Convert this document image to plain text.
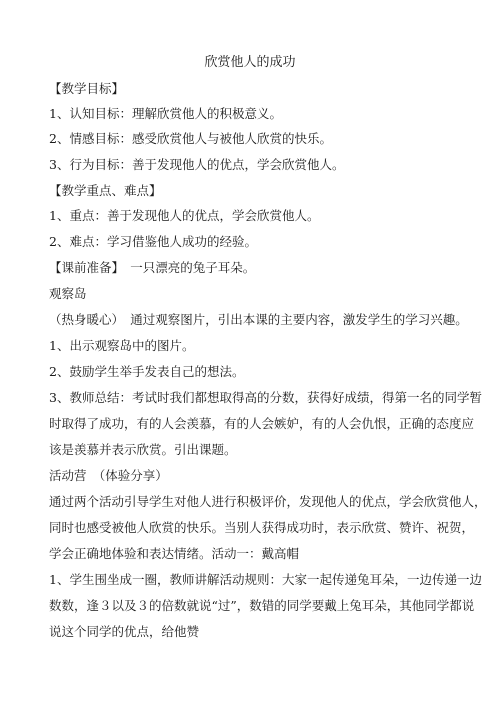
欣赏他人的成功
【教学目标】
1、认知目标：理解欣赏他人的积极意义。
2、情感目标：感受欣赏他人与被他人欣赏的快乐。
3、行为目标：善于发现他人的优点，学会欣赏他人。
【教学重点、难点】
1、重点：善于发现他人的优点，学会欣赏他人。
2、难点：学习借鉴他人成功的经验。
【课前准备】　一只漂亮的兔子耳朵。
观察岛
（热身暖心）　通过观察图片，引出本课的主要内容，激发学生的学习兴趣。
1、出示观察岛中的图片。
2、鼓励学生举手发表自己的想法。
3、教师总结：考试时我们都想取得高的分数，获得好成绩，得第一名的同学暂
时取得了成功，有的人会羡慕，有的人会嫉妒，有的人会仇恨，正确的态度应
该是羡慕并表示欣赏。引出课题。
活动营　（体验分享）
通过两个活动引导学生对他人进行积极评价，发现他人的优点，学会欣赏他人，
同时也感受被他人欣赏的快乐。当别人获得成功时，表示欣赏、赞许、祝贺，
学会正确地体验和表达情绪。活动一：戴高帽
1、学生围坐成一圈，教师讲解活动规则：大家一起传递兔耳朵，一边传递一边
数数，逢３以及３的倍数就说“过”，数错的同学要戴上兔耳朵，其他同学都说
说这个同学的优点，给他赞
